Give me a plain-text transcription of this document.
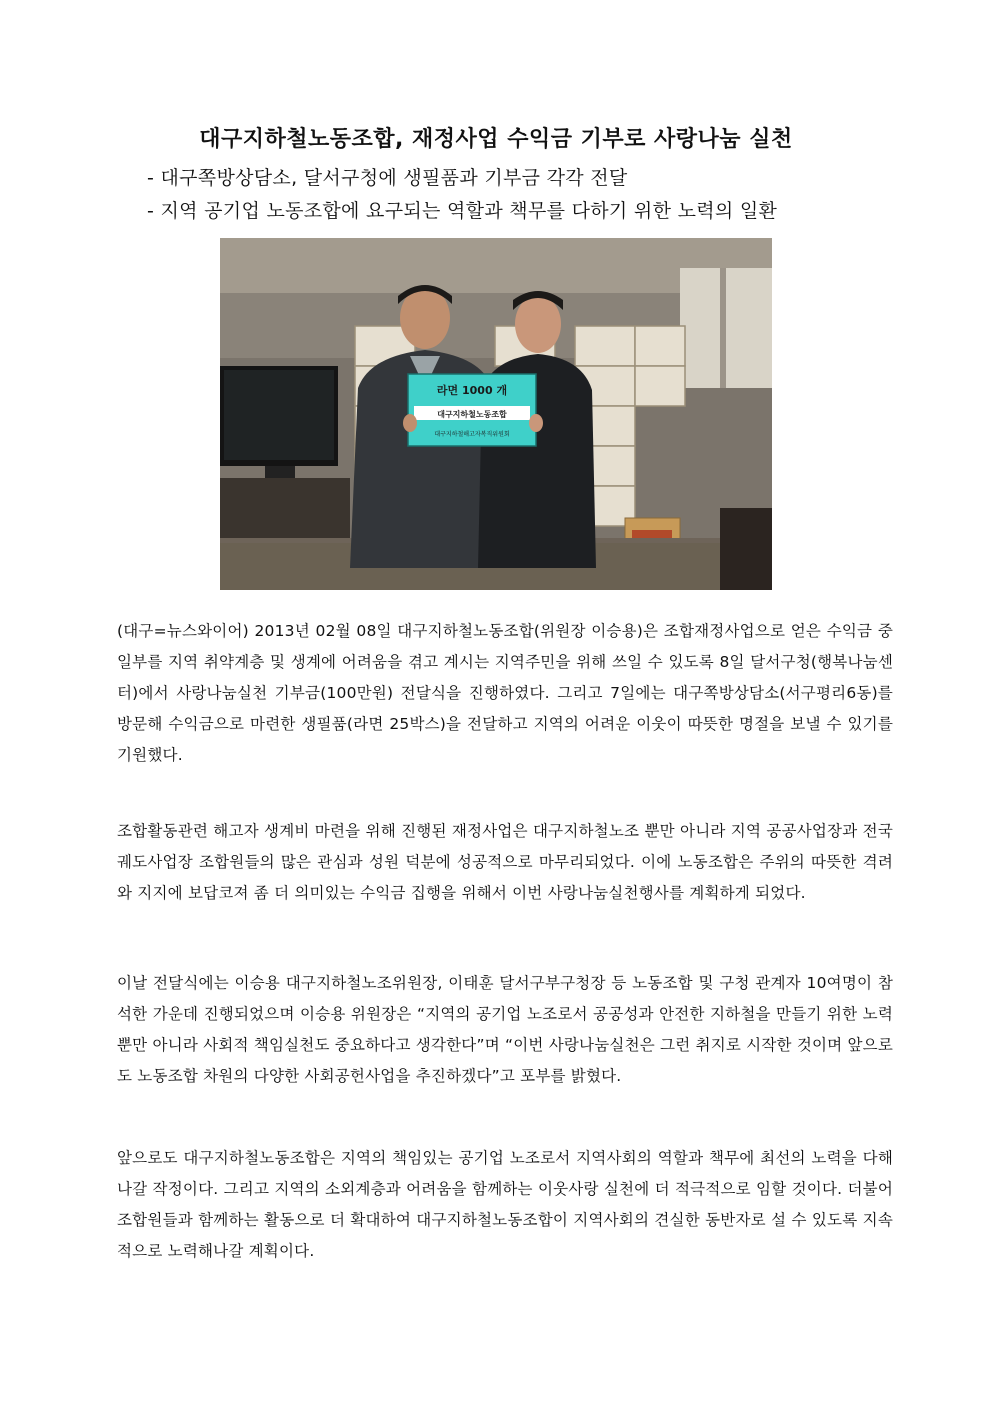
대구지하철노동조합, 재정사업 수익금 기부로 사랑나눔 실천
- 대구쪽방상담소, 달서구청에 생필품과 기부금 각각 전달
- 지역 공기업 노동조합에 요구되는 역할과 책무를 다하기 위한 노력의 일환
라면 1000 개
대구지하철노동조합
대구지하철해고자복직위원회

(대구=뉴스와이어) 2013년 02월 08일 대구지하철노동조합(위원장 이승용)은 조합재정사업으로 얻은 수익금 중 일부를 지역 취약계층 및 생계에 어려움을 겪고 계시는 지역주민을 위해 쓰일 수 있도록 8일 달서구청(행복나눔센터)에서 사랑나눔실천 기부금(100만원) 전달식을 진행하였다. 그리고 7일에는 대구쪽방상담소(서구평리6동)를 방문해 수익금으로 마련한 생필품(라면 25박스)을 전달하고 지역의 어려운 이웃이 따뜻한 명절을 보낼 수 있기를 기원했다.

조합활동관련 해고자 생계비 마련을 위해 진행된 재정사업은 대구지하철노조 뿐만 아니라 지역 공공사업장과 전국 궤도사업장 조합원들의 많은 관심과 성원 덕분에 성공적으로 마무리되었다. 이에 노동조합은 주위의 따뜻한 격려와 지지에 보답코져 좀 더 의미있는 수익금 집행을 위해서 이번 사랑나눔실천행사를 계획하게 되었다.

이날 전달식에는 이승용 대구지하철노조위원장, 이태훈 달서구부구청장 등 노동조합 및 구청 관계자 10여명이 참석한 가운데 진행되었으며 이승용 위원장은 “지역의 공기업 노조로서 공공성과 안전한 지하철을 만들기 위한 노력뿐만 아니라 사회적 책임실천도 중요하다고 생각한다”며 “이번 사랑나눔실천은 그런 취지로 시작한 것이며 앞으로도 노동조합 차원의 다양한 사회공헌사업을 추진하겠다”고 포부를 밝혔다.

앞으로도 대구지하철노동조합은 지역의 책임있는 공기업 노조로서 지역사회의 역할과 책무에 최선의 노력을 다해나갈 작정이다. 그리고 지역의 소외계층과 어려움을 함께하는 이웃사랑 실천에 더 적극적으로 임할 것이다. 더불어 조합원들과 함께하는 활동으로 더 확대하여 대구지하철노동조합이 지역사회의 견실한 동반자로 설 수 있도록 지속적으로 노력해나갈 계획이다.
